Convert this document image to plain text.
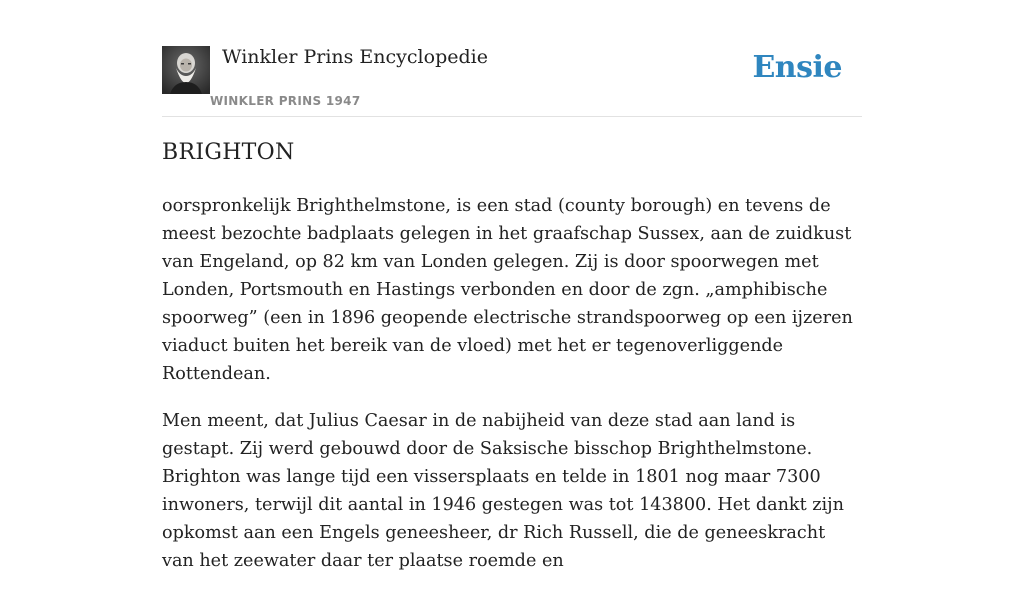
Winkler Prins Encyclopedie
WINKLER PRINS 1947
Ensie
BRIGHTON

oorspronkelijk Brighthelmstone, is een stad (county borough) en tevens de meest bezochte badplaats gelegen in het graafschap Sussex, aan de zuidkust van Engeland, op 82 km van Londen gelegen. Zij is door spoorwegen met Londen, Portsmouth en Hastings verbonden en door de zgn. „amphibische spoorweg” (een in 1896 geopende electrische strandspoorweg op een ijzeren viaduct buiten het bereik van de vloed) met het er tegenoverliggende Rottendean.

Men meent, dat Julius Caesar in de nabijheid van deze stad aan land is gestapt. Zij werd gebouwd door de Saksische bisschop Brighthelmstone. Brighton was lange tijd een vissersplaats en telde in 1801 nog maar 7300 inwoners, terwijl dit aantal in 1946 gestegen was tot 143800. Het dankt zijn opkomst aan een Engels geneesheer, dr Rich Russell, die de geneeskracht van het zeewater daar ter plaatse roemde en
